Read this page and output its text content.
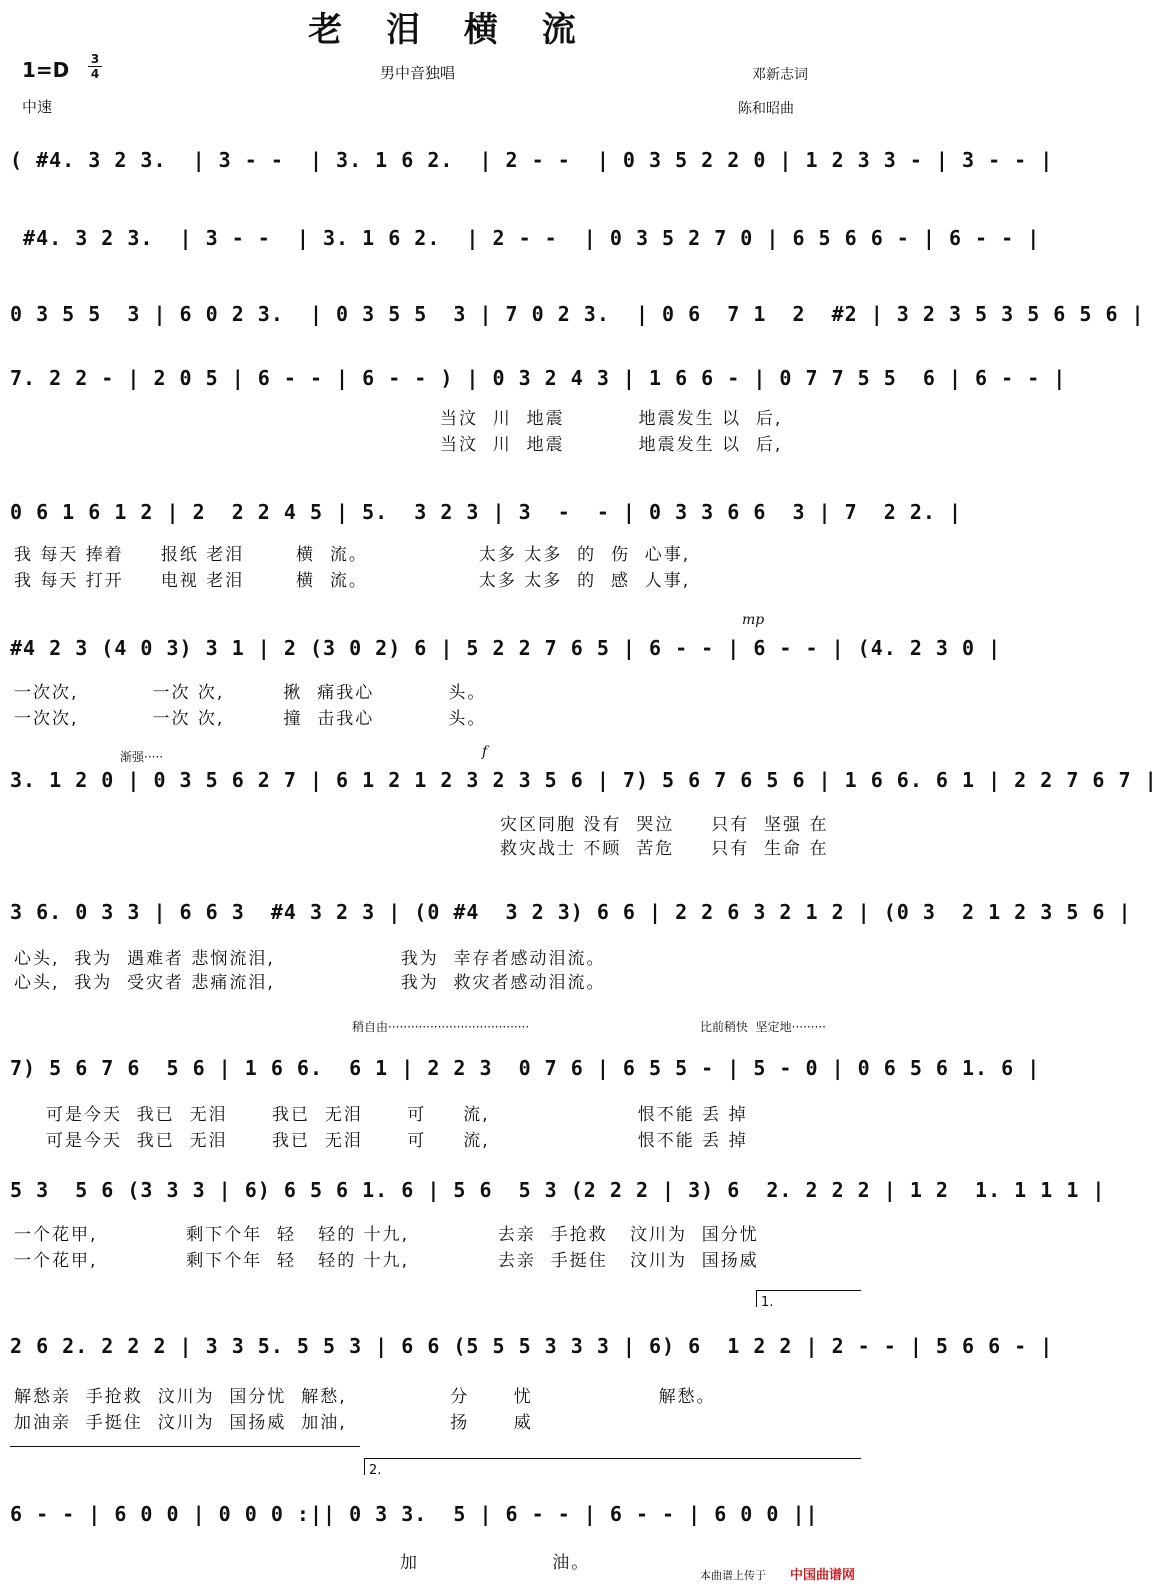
老 泪 横 流
1=D 3
4	男中音独唱	邓新志词
中速	陈和昭曲
( #4. 3 2 3.  | 3 - -  | 3. 1 6 2.  | 2 - -  | 0 3 5 2 2 0 | 1 2 3 3 - | 3 - - |
#4. 3 2 3.  | 3 - -  | 3. 1 6 2.  | 2 - -  | 0 3 5 2 7 0 | 6 5 6 6 - | 6 - - |
0 3 5 5  3 | 6 0 2 3.  | 0 3 5 5  3 | 7 0 2 3.  | 0 6  7 1  2  #2 | 3 2 3 5 3 5 6 5 6 |
7. 2 2 - | 2 0 5 | 6 - - | 6 - - ) | 0 3 2 4 3 | 1 6 6 - | 0 7 7 5 5  6 | 6 - - |
当汶  川  地震          地震发生 以  后,
当汶  川  地震          地震发生 以  后,
0 6 1 6 1 2 | 2  2 2 4 5 | 5.  3 2 3 | 3  -  - | 0 3 3 6 6  3 | 7  2 2. |
我 每天 捧着     报纸 老泪       横  流。               太多 太多  的  伤  心事,
我 每天 打开     电视 老泪       横  流。               太多 太多  的  感  人事,
mp
#4 2 3 (4 0 3) 3 1 | 2 (3 0 2) 6 | 5 2 2 7 6 5 | 6 - - | 6 - - | (4. 2 3 0 |
一次次,          一次 次,        揪  痛我心          头。
一次次,          一次 次,        撞  击我心          头。
渐强·····	f
3. 1 2 0 | 0 3 5 6 2 7 | 6 1 2 1 2 3 2 3 5 6 | 7) 5 6 7 6 5 6 | 1 6 6. 6 1 | 2 2 7 6 7 |
灾区同胞 没有  哭泣     只有  坚强 在
救灾战士 不顾  苦危     只有  生命 在
3 6. 0 3 3 | 6 6 3  #4 3 2 3 | (0 #4  3 2 3) 6 6 | 2 2 6 3 2 1 2 | (0 3  2 1 2 3 5 6 |
心头,  我为  遇难者 悲悯流泪,                 我为  幸存者感动泪流。
心头,  我为  受灾者 悲痛流泪,                 我为  救灾者感动泪流。
稍自由·····································	比前稍快  坚定地·········
7) 5 6 7 6  5 6 | 1 6 6.  6 1 | 2 2 3  0 7 6 | 6 5 5 - | 5 - 0 | 0 6 5 6 1. 6 |
可是今天  我已  无泪      我已  无泪      可     流,                    恨不能 丢 掉
可是今天  我已  无泪      我已  无泪      可     流,                    恨不能 丢 掉
5 3  5 6 (3 3 3 | 6) 6 5 6 1. 6 | 5 6  5 3 (2 2 2 | 3) 6  2. 2 2 2 | 1 2  1. 1 1 1 |
一个花甲,            剩下个年  轻   轻的 十九,            去亲  手抢救   汶川为  国分忧
一个花甲,            剩下个年  轻   轻的 十九,            去亲  手挺住   汶川为  国扬威
1.
2 6 2. 2 2 2 | 3 3 5. 5 5 3 | 6 6 (5 5 5 3 3 3 | 6) 6  1 2 2 | 2 - - | 5 6 6 - |
解愁亲  手抢救  汶川为  国分忧  解愁,              分      忧                 解愁。
加油亲  手挺住  汶川为  国扬威  加油,              扬      威
2.
6 - - | 6 0 0 | 0 0 0 :|| 0 3 3.  5 | 6 - - | 6 - - | 6 0 0 ||
加                  油。
本曲谱上传于 中国曲谱网
